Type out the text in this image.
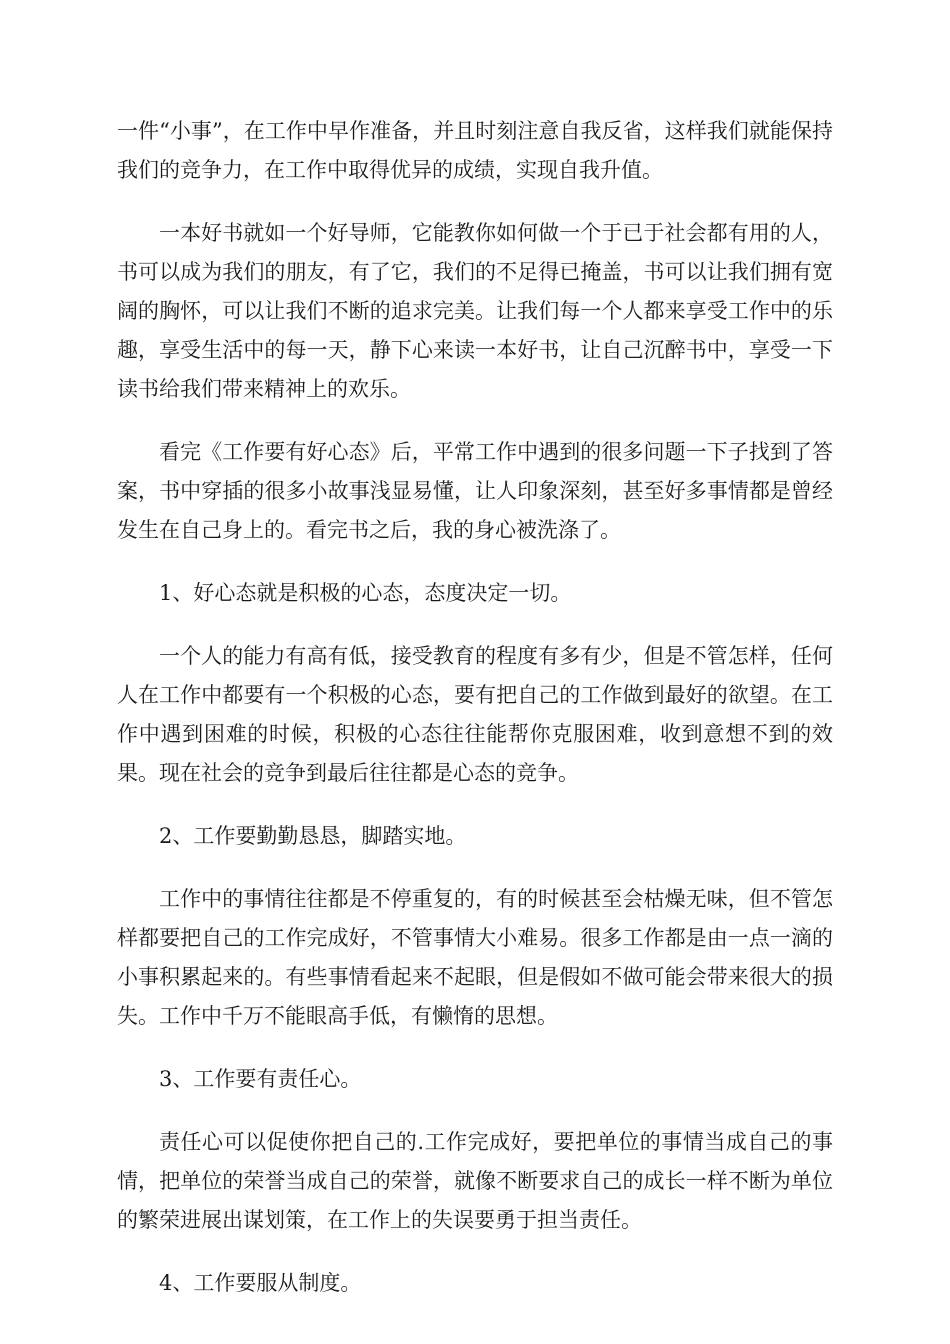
一件“小事”，在工作中早作准备，并且时刻注意自我反省，这样我们就能保持我们的竞争力，在工作中取得优异的成绩，实现自我升值。

一本好书就如一个好导师，它能教你如何做一个于已于社会都有用的人，书可以成为我们的朋友，有了它，我们的不足得已掩盖，书可以让我们拥有宽阔的胸怀，可以让我们不断的追求完美。让我们每一个人都来享受工作中的乐趣，享受生活中的每一天，静下心来读一本好书，让自己沉醉书中，享受一下读书给我们带来精神上的欢乐。

看完《工作要有好心态》后，平常工作中遇到的很多问题一下子找到了答案，书中穿插的很多小故事浅显易懂，让人印象深刻，甚至好多事情都是曾经发生在自己身上的。看完书之后，我的身心被洗涤了。

1、好心态就是积极的心态，态度决定一切。

一个人的能力有高有低，接受教育的程度有多有少，但是不管怎样，任何人在工作中都要有一个积极的心态，要有把自己的工作做到最好的欲望。在工作中遇到困难的时候，积极的心态往往能帮你克服困难，收到意想不到的效果。现在社会的竞争到最后往往都是心态的竞争。

2、工作要勤勤恳恳，脚踏实地。

工作中的事情往往都是不停重复的，有的时候甚至会枯燥无味，但不管怎样都要把自己的工作完成好，不管事情大小难易。很多工作都是由一点一滴的小事积累起来的。有些事情看起来不起眼，但是假如不做可能会带来很大的损失。工作中千万不能眼高手低，有懒惰的思想。

3、工作要有责任心。

责任心可以促使你把自己的.工作完成好，要把单位的事情当成自己的事情，把单位的荣誉当成自己的荣誉，就像不断要求自己的成长一样不断为单位的繁荣进展出谋划策，在工作上的失误要勇于担当责任。

4、工作要服从制度。
